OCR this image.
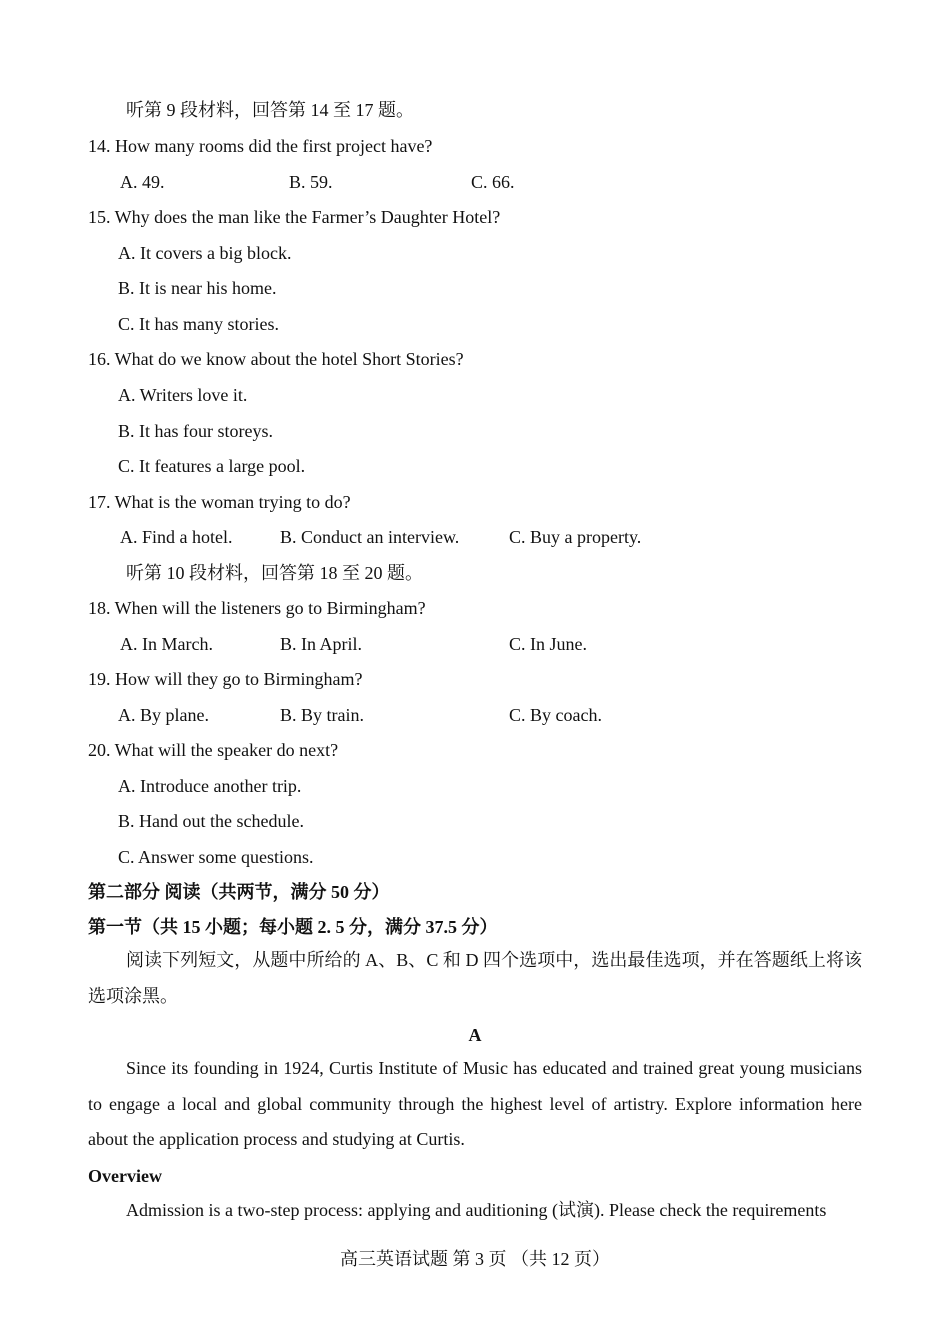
听第 9 段材料，回答第 14 至 17 题。
14. How many rooms did the first project have?
A. 49.	B. 59.	C. 66.
15. Why does the man like the Farmer’s Daughter Hotel?
A. It covers a big block.
B. It is near his home.
C. It has many stories.
16. What do we know about the hotel Short Stories?
A. Writers love it.
B. It has four storeys.
C. It features a large pool.
17. What is the woman trying to do?
A. Find a hotel.	B. Conduct an interview.	C. Buy a property.
听第 10 段材料，回答第 18 至 20 题。
18. When will the listeners go to Birmingham?
A. In March.	B. In April.	C. In June.
19. How will they go to Birmingham?
A. By plane.	B. By train.	C. By coach.
20. What will the speaker do next?
A. Introduce another trip.
B. Hand out the schedule.
C. Answer some questions.
第二部分 阅读（共两节，满分 50 分）
第一节（共 15 小题；每小题 2. 5 分，满分 37.5 分）
阅读下列短文，从题中所给的 A、B、C 和 D 四个选项中，选出最佳选项，并在答题纸上将该选项涂黑。
A
Since its founding in 1924, Curtis Institute of Music has educated and trained great young musicians to engage a local and global community through the highest level of artistry. Explore information here about the application process and studying at Curtis.
Overview
Admission is a two-step process: applying and auditioning (试演). Please check the requirements
高三英语试题 第 3 页 （共 12 页）
